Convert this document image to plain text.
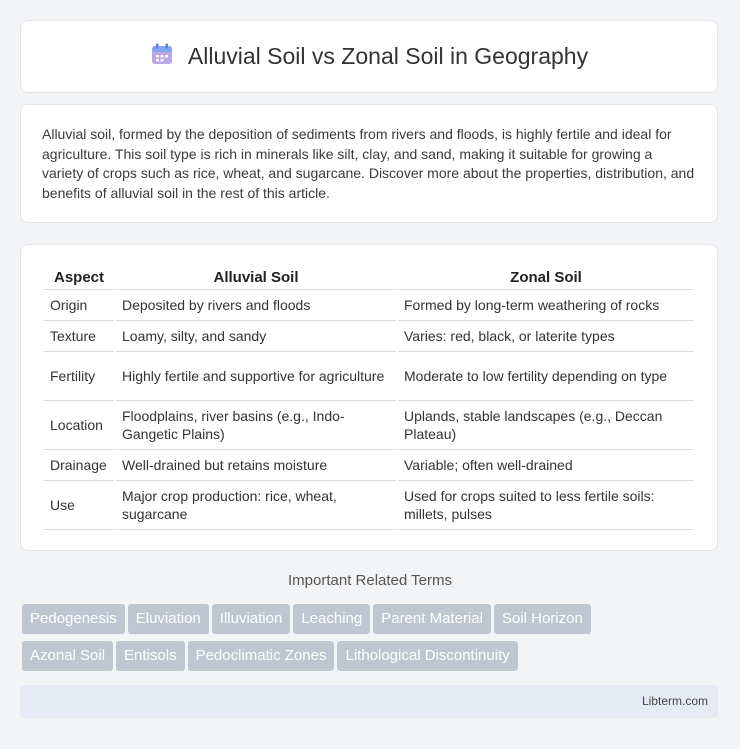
Alluvial Soil vs Zonal Soil in Geography
Alluvial soil, formed by the deposition of sediments from rivers and floods, is highly fertile and ideal for agriculture. This soil type is rich in minerals like silt, clay, and sand, making it suitable for growing a variety of crops such as rice, wheat, and sugarcane. Discover more about the properties, distribution, and benefits of alluvial soil in the rest of this article.
Aspect	Alluvial Soil	Zonal Soil
Origin	Deposited by rivers and floods	Formed by long-term weathering of rocks
Texture	Loamy, silty, and sandy	Varies: red, black, or laterite types
Fertility	Highly fertile and supportive for agriculture	Moderate to low fertility depending on type
Location	Floodplains, river basins (e.g., Indo-Gangetic Plains)	Uplands, stable landscapes (e.g., Deccan Plateau)
Drainage	Well-drained but retains moisture	Variable; often well-drained
Use	Major crop production: rice, wheat, sugarcane	Used for crops suited to less fertile soils: millets, pulses
Important Related Terms
Pedogenesis Eluviation Illuviation Leaching Parent Material Soil Horizon
Azonal Soil Entisols Pedoclimatic Zones Lithological Discontinuity
Libterm.com
